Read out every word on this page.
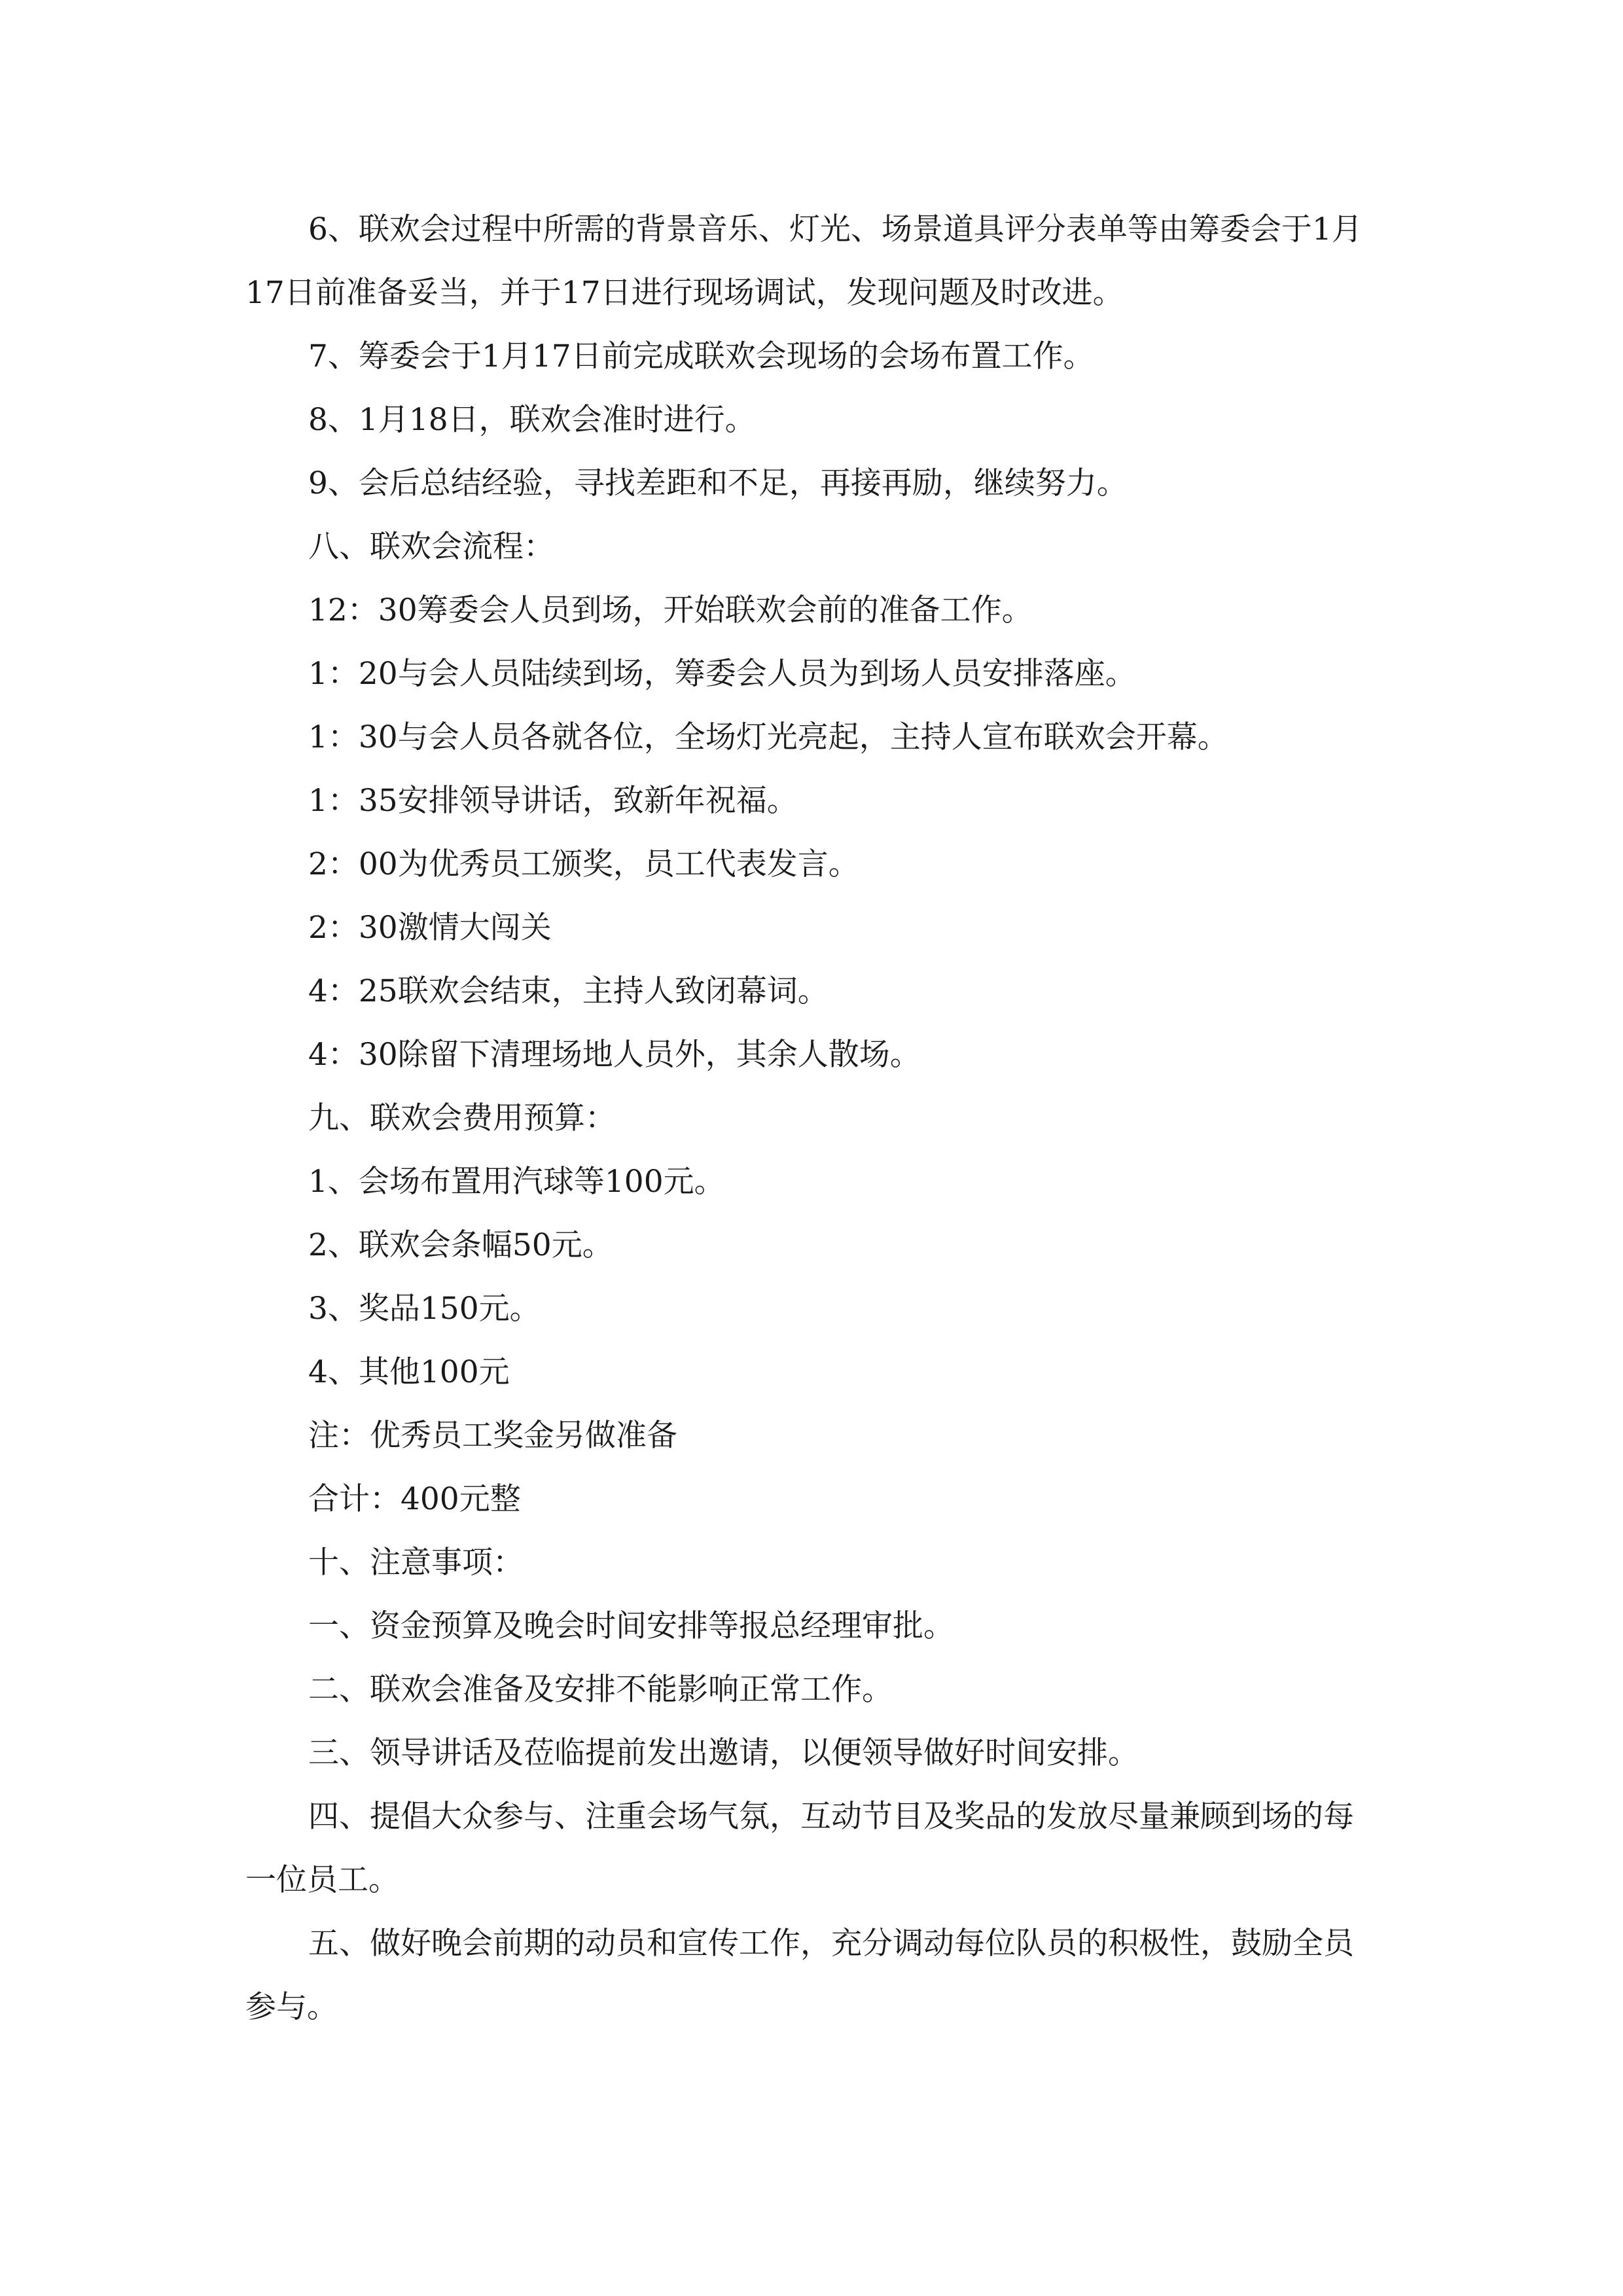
6、联欢会过程中所需的背景音乐、灯光、场景道具评分表单等由筹委会于1月17日前准备妥当，并于17日进行现场调试，发现问题及时改进。

7、筹委会于1月17日前完成联欢会现场的会场布置工作。

8、1月18日，联欢会准时进行。

9、会后总结经验，寻找差距和不足，再接再励，继续努力。

八、联欢会流程：

12：30筹委会人员到场，开始联欢会前的准备工作。

1：20与会人员陆续到场，筹委会人员为到场人员安排落座。

1：30与会人员各就各位，全场灯光亮起，主持人宣布联欢会开幕。

1：35安排领导讲话，致新年祝福。

2：00为优秀员工颁奖，员工代表发言。

2：30激情大闯关

4：25联欢会结束，主持人致闭幕词。

4：30除留下清理场地人员外，其余人散场。

九、联欢会费用预算：

1、会场布置用汽球等100元。

2、联欢会条幅50元。

3、奖品150元。

4、其他100元

注：优秀员工奖金另做准备

合计：400元整

十、注意事项：

一、资金预算及晚会时间安排等报总经理审批。

二、联欢会准备及安排不能影响正常工作。

三、领导讲话及莅临提前发出邀请，以便领导做好时间安排。

四、提倡大众参与、注重会场气氛，互动节目及奖品的发放尽量兼顾到场的每一位员工。

五、做好晚会前期的动员和宣传工作，充分调动每位队员的积极性，鼓励全员参与。
